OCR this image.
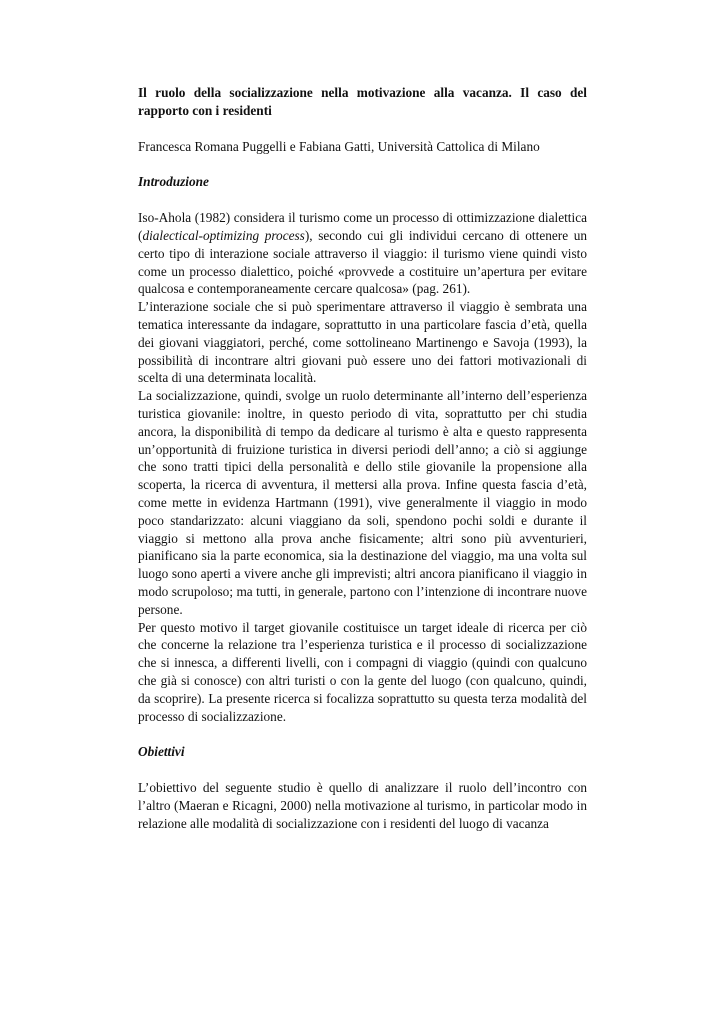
Il ruolo della socializzazione nella motivazione alla vacanza. Il caso del rapporto con i residenti

Francesca Romana Puggelli e Fabiana Gatti, Università Cattolica di Milano

Introduzione

Iso-Ahola (1982) considera il turismo come un processo di ottimizzazione dialettica (dialectical-optimizing process), secondo cui gli individui cercano di ottenere un certo tipo di interazione sociale attraverso il viaggio: il turismo viene quindi visto come un processo dialettico, poiché «provvede a costituire un’apertura per evitare qualcosa e contemporaneamente cercare qualcosa» (pag. 261).

L’interazione sociale che si può sperimentare attraverso il viaggio è sembrata una tematica interessante da indagare, soprattutto in una particolare fascia d’età, quella dei giovani viaggiatori, perché, come sottolineano Martinengo e Savoja (1993), la possibilità di incontrare altri giovani può essere uno dei fattori motivazionali di scelta di una determinata località.

La socializzazione, quindi, svolge un ruolo determinante all’interno dell’esperienza turistica giovanile: inoltre, in questo periodo di vita, soprattutto per chi studia ancora, la disponibilità di tempo da dedicare al turismo è alta e questo rappresenta un’opportunità di fruizione turistica in diversi periodi dell’anno; a ciò si aggiunge che sono tratti tipici della personalità e dello stile giovanile la propensione alla scoperta, la ricerca di avventura, il mettersi alla prova. Infine questa fascia d’età, come mette in evidenza Hartmann (1991), vive generalmente il viaggio in modo poco standarizzato: alcuni viaggiano da soli, spendono pochi soldi e durante il viaggio si mettono alla prova anche fisicamente; altri sono più avventurieri, pianificano sia la parte economica, sia la destinazione del viaggio, ma una volta sul luogo sono aperti a vivere anche gli imprevisti; altri ancora pianificano il viaggio in modo scrupoloso; ma tutti, in generale, partono con l’intenzione di incontrare nuove persone.

Per questo motivo il target giovanile costituisce un target ideale di ricerca per ciò che concerne la relazione tra l’esperienza turistica e il processo di socializzazione che si innesca, a differenti livelli, con i compagni di viaggio (quindi con qualcuno che già si conosce) con altri turisti o con la gente del luogo (con qualcuno, quindi, da scoprire). La presente ricerca si focalizza soprattutto su questa terza modalità del processo di socializzazione.

Obiettivi

L’obiettivo del seguente studio è quello di analizzare il ruolo dell’incontro con l’altro (Maeran e Ricagni, 2000) nella motivazione al turismo, in particolar modo in relazione alle modalità di socializzazione con i residenti del luogo di vacanza
